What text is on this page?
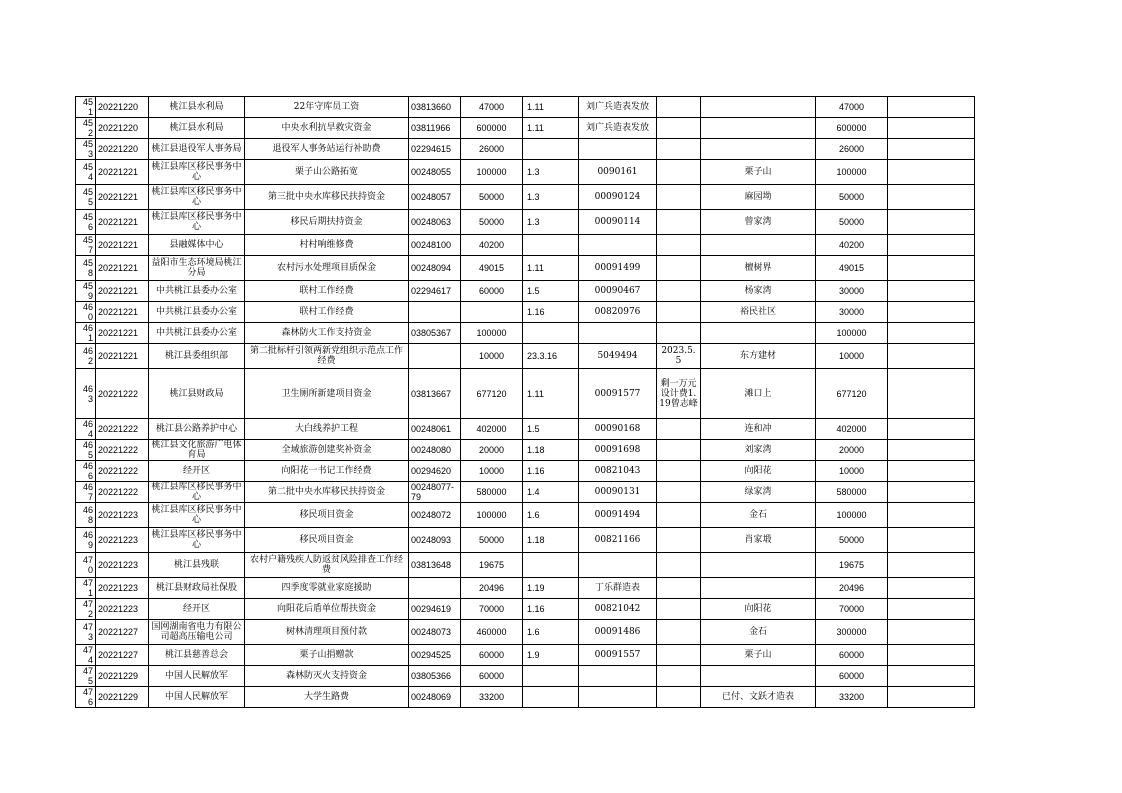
451	20221220	桃江县水利局	22年守库员工资	03813660	47000	1.11	刘广兵造表发放			47000	
452	20221220	桃江县水利局	中央水利抗旱救灾资金	03811966	600000	1.11	刘广兵造表发放			600000	
453	20221220	桃江县退役军人事务局	退役军人事务站运行补助费	02294615	26000					26000	
454	20221221	桃江县库区移民事务中心	栗子山公路拓宽	00248055	100000	1.3	0090161		栗子山	100000	
455	20221221	桃江县库区移民事务中心	第三批中央水库移民扶持资金	00248057	50000	1.3	00090124		麻园坳	50000	
456	20221221	桃江县库区移民事务中心	移民后期扶持资金	00248063	50000	1.3	00090114		曾家湾	50000	
457	20221221	县融媒体中心	村村响维修费	00248100	40200					40200	
458	20221221	益阳市生态环境局桃江分局	农村污水处理项目质保金	00248094	49015	1.11	00091499		檀树界	49015	
459	20221221	中共桃江县委办公室	联村工作经费	02294617	60000	1.5	00090467		杨家湾	30000	
460	20221221	中共桃江县委办公室	联村工作经费			1.16	00820976		裕民社区	30000	
461	20221221	中共桃江县委办公室	森林防火工作支持资金	03805367	100000					100000	
462	20221221	桃江县委组织部	第二批标杆引领两新党组织示范点工作经费		10000	23.3.16	5049494	2023.5.5	东方建材	10000	
463	20221222	桃江县财政局	卫生厕所新建项目资金	03813667	677120	1.11	00091577	剩一万元设计费1.19曾志峰	滩口上	677120	
464	20221222	桃江县公路养护中心	大白线养护工程	00248061	402000	1.5	00090168		连和冲	402000	
465	20221222	桃江县文化旅游广电体育局	全域旅游创建奖补资金	00248080	20000	1.18	00091698		刘家湾	20000	
466	20221222	经开区	向阳花一书记工作经费	00294620	10000	1.16	00821043		向阳花	10000	
467	20221222	桃江县库区移民事务中心	第二批中央水库移民扶持资金	00248077-79	580000	1.4	00090131		绿家湾	580000	
468	20221223	桃江县库区移民事务中心	移民项目资金	00248072	100000	1.6	00091494		金石	100000	
469	20221223	桃江县库区移民事务中心	移民项目资金	00248093	50000	1.18	00821166		肖家塅	50000	
470	20221223	桃江县残联	农村户籍残疾人防返贫风险排查工作经费	03813648	19675					19675	
471	20221223	桃江县财政局社保股	四季度零就业家庭援助		20496	1.19	丁乐群造表			20496	
472	20221223	经开区	向阳花后盾单位帮扶资金	00294619	70000	1.16	00821042		向阳花	70000	
473	20221227	国网湖南省电力有限公司超高压输电公司	树林清理项目预付款	00248073	460000	1.6	00091486		金石	300000	
474	20221227	桃江县慈善总会	栗子山捐赠款	00294525	60000	1.9	00091557		栗子山	60000	
475	20221229	中国人民解放军	森林防灭火支持资金	03805366	60000					60000	
476	20221229	中国人民解放军	大学生路费	00248069	33200				已付、文跃才造表	33200	
